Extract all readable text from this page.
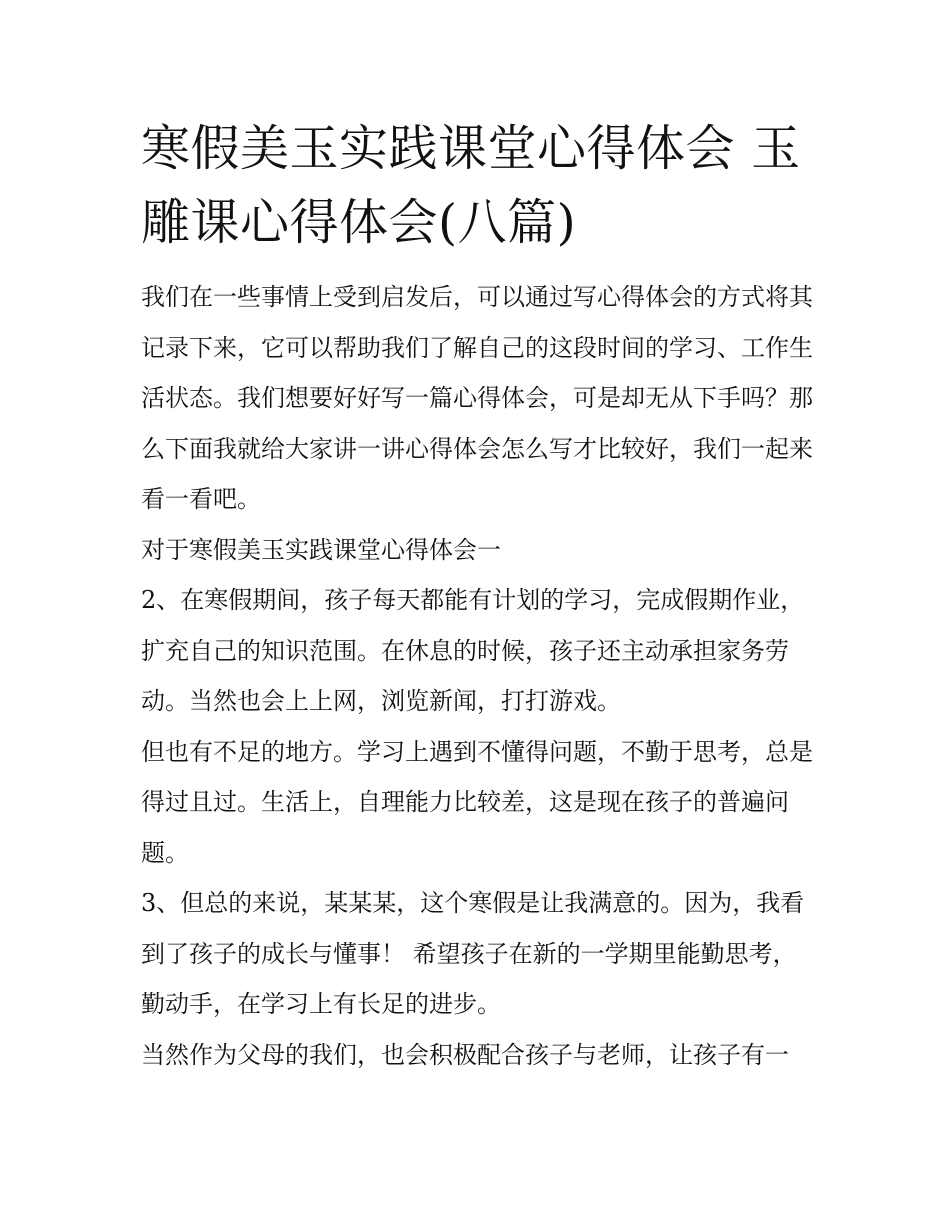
寒假美玉实践课堂心得体会 玉雕课心得体会(八篇)

我们在一些事情上受到启发后，可以通过写心得体会的方式将其记录下来，它可以帮助我们了解自己的这段时间的学习、工作生活状态。我们想要好好写一篇心得体会，可是却无从下手吗？那么下面我就给大家讲一讲心得体会怎么写才比较好，我们一起来看一看吧。

对于寒假美玉实践课堂心得体会一

2、在寒假期间，孩子每天都能有计划的学习，完成假期作业，扩充自己的知识范围。在休息的时候，孩子还主动承担家务劳动。当然也会上上网，浏览新闻，打打游戏。

但也有不足的地方。学习上遇到不懂得问题，不勤于思考，总是得过且过。生活上，自理能力比较差，这是现在孩子的普遍问题。

3、但总的来说，某某某，这个寒假是让我满意的。因为，我看到了孩子的成长与懂事！ 希望孩子在新的一学期里能勤思考，勤动手，在学习上有长足的进步。

当然作为父母的我们，也会积极配合孩子与老师，让孩子有一
